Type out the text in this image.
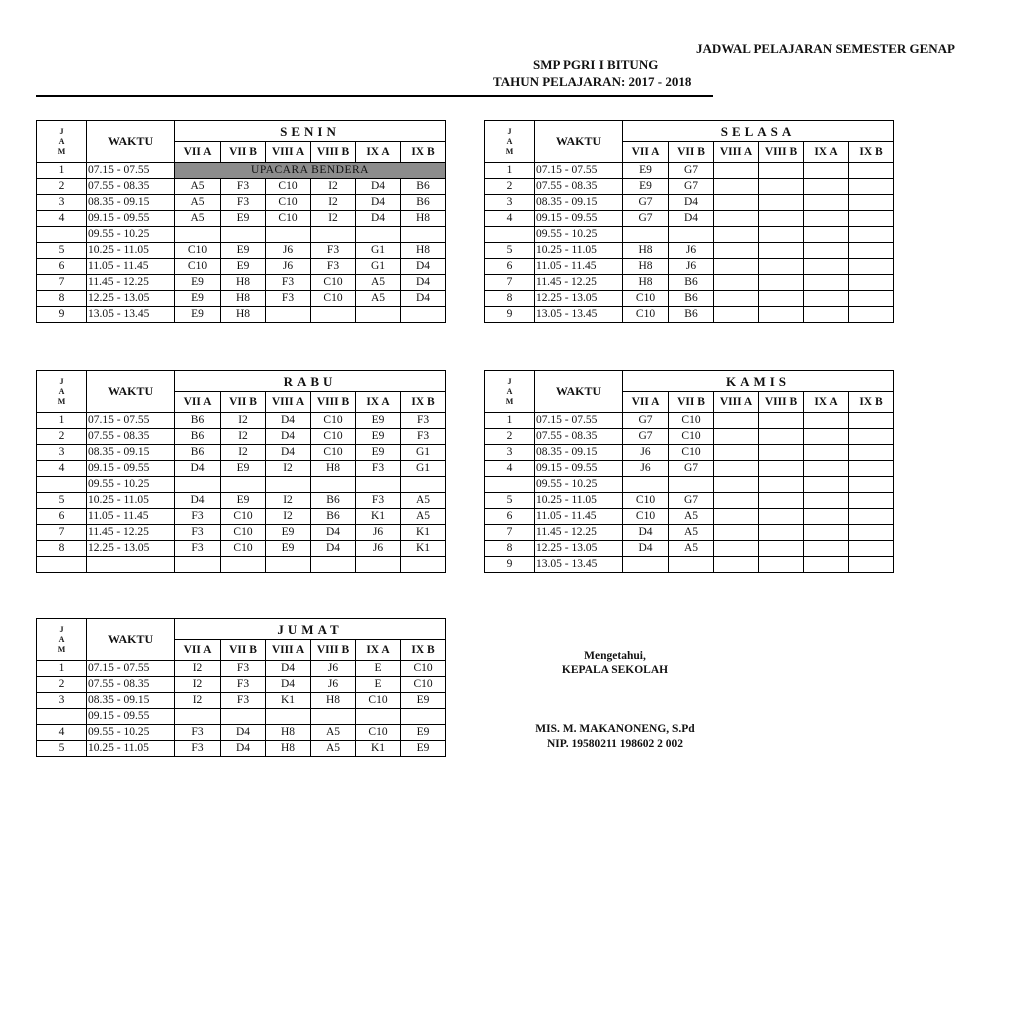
JADWAL PELAJARAN SEMESTER GENAP
SMP PGRI I BITUNG
TAHUN PELAJARAN: 2017 - 2018
J
A
M	WAKTU	SENIN					
		VII A	VII B	VIII A	VIII B	IX A	IX B
1	07.15 - 07.55	UPACARA BENDERA					
2	07.55 - 08.35	A5	F3	C10	I2	D4	B6
3	08.35 - 09.15	A5	F3	C10	I2	D4	B6
4	09.15 - 09.55	A5	E9	C10	I2	D4	H8
	09.55 - 10.25						
5	10.25 - 11.05	C10	E9	J6	F3	G1	H8
6	11.05 - 11.45	C10	E9	J6	F3	G1	D4
7	11.45 - 12.25	E9	H8	F3	C10	A5	D4
8	12.25 - 13.05	E9	H8	F3	C10	A5	D4
9	13.05 - 13.45	E9	H8				
J
A
M	WAKTU	SELASA					
		VII A	VII B	VIII A	VIII B	IX A	IX B
1	07.15 - 07.55	E9	G7				
2	07.55 - 08.35	E9	G7				
3	08.35 - 09.15	G7	D4				
4	09.15 - 09.55	G7	D4				
	09.55 - 10.25						
5	10.25 - 11.05	H8	J6				
6	11.05 - 11.45	H8	J6				
7	11.45 - 12.25	H8	B6				
8	12.25 - 13.05	C10	B6				
9	13.05 - 13.45	C10	B6				
J
A
M	WAKTU	RABU					
		VII A	VII B	VIII A	VIII B	IX A	IX B
1	07.15 - 07.55	B6	I2	D4	C10	E9	F3
2	07.55 - 08.35	B6	I2	D4	C10	E9	F3
3	08.35 - 09.15	B6	I2	D4	C10	E9	G1
4	09.15 - 09.55	D4	E9	I2	H8	F3	G1
	09.55 - 10.25						
5	10.25 - 11.05	D4	E9	I2	B6	F3	A5
6	11.05 - 11.45	F3	C10	I2	B6	K1	A5
7	11.45 - 12.25	F3	C10	E9	D4	J6	K1
8	12.25 - 13.05	F3	C10	E9	D4	J6	K1

J
A
M	WAKTU	KAMIS					
		VII A	VII B	VIII A	VIII B	IX A	IX B
1	07.15 - 07.55	G7	C10				
2	07.55 - 08.35	G7	C10				
3	08.35 - 09.15	J6	C10				
4	09.15 - 09.55	J6	G7				
	09.55 - 10.25						
5	10.25 - 11.05	C10	G7				
6	11.05 - 11.45	C10	A5				
7	11.45 - 12.25	D4	A5				
8	12.25 - 13.05	D4	A5				
9	13.05 - 13.45						
J
A
M	WAKTU	JUMAT					
		VII A	VII B	VIII A	VIII B	IX A	IX B
1	07.15 - 07.55	I2	F3	D4	J6	E	C10
2	07.55 - 08.35	I2	F3	D4	J6	E	C10
3	08.35 - 09.15	I2	F3	K1	H8	C10	E9
	09.15 - 09.55						
4	09.55 - 10.25	F3	D4	H8	A5	C10	E9
5	10.25 - 11.05	F3	D4	H8	A5	K1	E9
Mengetahui,
KEPALA SEKOLAH
MIS. M. MAKANONENG, S.Pd
NIP. 19580211 198602 2 002
